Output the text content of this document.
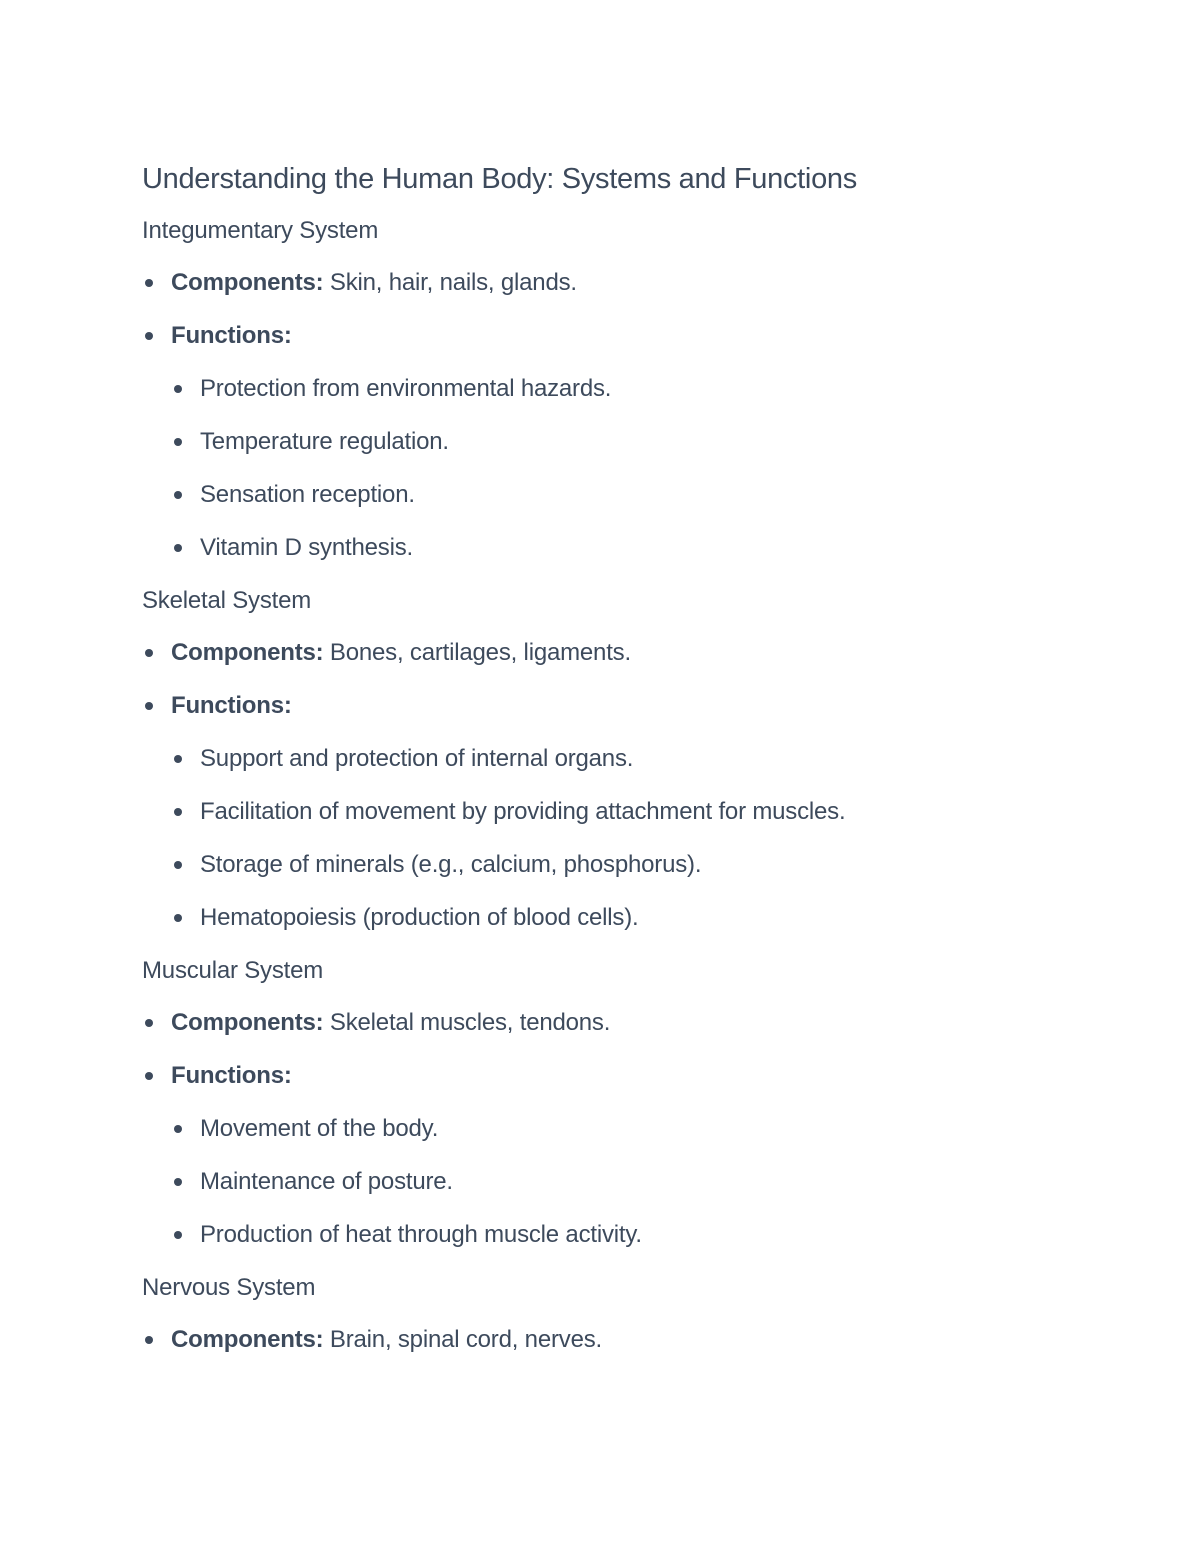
Understanding the Human Body: Systems and Functions
Integumentary System
Components: Skin, hair, nails, glands.
Functions:
Protection from environmental hazards.
Temperature regulation.
Sensation reception.
Vitamin D synthesis.
Skeletal System
Components: Bones, cartilages, ligaments.
Functions:
Support and protection of internal organs.
Facilitation of movement by providing attachment for muscles.
Storage of minerals (e.g., calcium, phosphorus).
Hematopoiesis (production of blood cells).
Muscular System
Components: Skeletal muscles, tendons.
Functions:
Movement of the body.
Maintenance of posture.
Production of heat through muscle activity.
Nervous System
Components: Brain, spinal cord, nerves.
